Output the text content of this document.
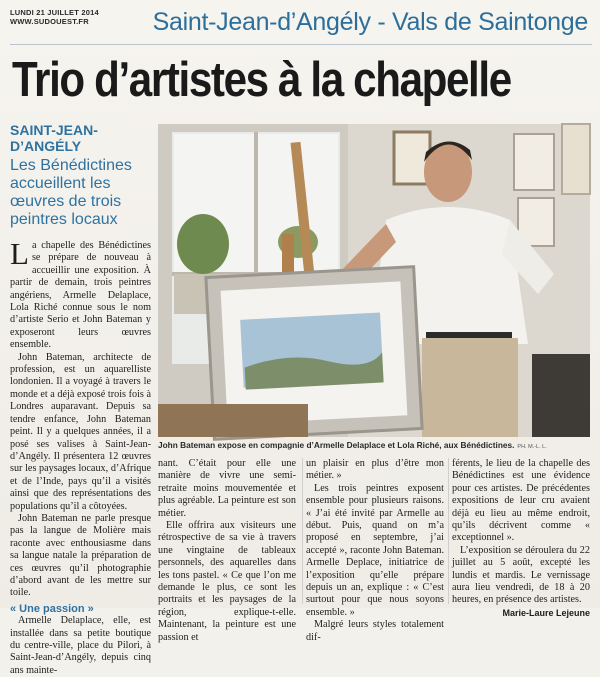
LUNDI 21 JUILLET 2014
WWW.SUDOUEST.FR	Saint-Jean-d’Angély - Vals de Saintonge
Trio d’artistes à la chapelle
SAINT-JEAN-D’ANGÉLY
Les Bénédictines accueillent les œuvres de trois peintres locaux

La chapelle des Bénédictines se prépare de nouveau à accueillir une exposition. À partir de demain, trois peintres angériens, Armelle Delaplace, Lola Riché connue sous le nom d’artiste Serio et John Bateman y exposeront leurs œuvres ensemble.

John Bateman, architecte de profession, est un aquarelliste londonien. Il a voyagé à travers le monde et a déjà exposé trois fois à Londres auparavant. Depuis sa tendre enfance, John Bateman peint. Il y a quelques années, il a posé ses valises à Saint-Jean-d’Angély. Il présentera 12 œuvres sur les paysages locaux, d’Afrique et de l’Inde, pays qu’il a visités ainsi que des représentations des populations qu’il a côtoyées.

John Bateman ne parle presque pas la langue de Molière mais raconte avec enthousiasme dans sa langue natale la préparation de ces œuvres qu’il photographie d’abord avant de les mettre sur toile.

« Une passion »

Armelle Delaplace, elle, est installée dans sa petite boutique du centre-ville, place du Pilori, à Saint-Jean-d’Angély, depuis cinq ans mainte-

John Bateman expose en compagnie d’Armelle Delaplace et Lola Riché, aux Bénédictines. PH. M.-L. L.

nant. C’était pour elle une manière de vivre une semi-retraite moins mouvementée et plus agréable. La peinture est son métier.

Elle offrira aux visiteurs une rétrospective de sa vie à travers une vingtaine de tableaux personnels, des aquarelles dans les tons pastel. « Ce que l’on me demande le plus, ce sont les portraits et les paysages de la région, explique-t-elle. Maintenant, la peinture est une passion et

un plaisir en plus d’être mon métier. »

Les trois peintres exposent ensemble pour plusieurs raisons. « J’ai été invité par Armelle au début. Puis, quand on m’a proposé en septembre, j’ai accepté », raconte John Bateman. Armelle Deplace, initiatrice de l’exposition qu’elle prépare depuis un an, explique : « C’est surtout pour que nous soyons ensemble. »

Malgré leurs styles totalement dif-

férents, le lieu de la chapelle des Bénédictines est une évidence pour ces artistes. De précédentes expositions de leur cru avaient déjà eu lieu au même endroit, qu’ils décrivent comme « exceptionnel ».

L’exposition se déroulera du 22 juillet au 5 août, excepté les lundis et mardis. Le vernissage aura lieu vendredi, de 18 à 20 heures, en présence des artistes.

Marie-Laure Lejeune
